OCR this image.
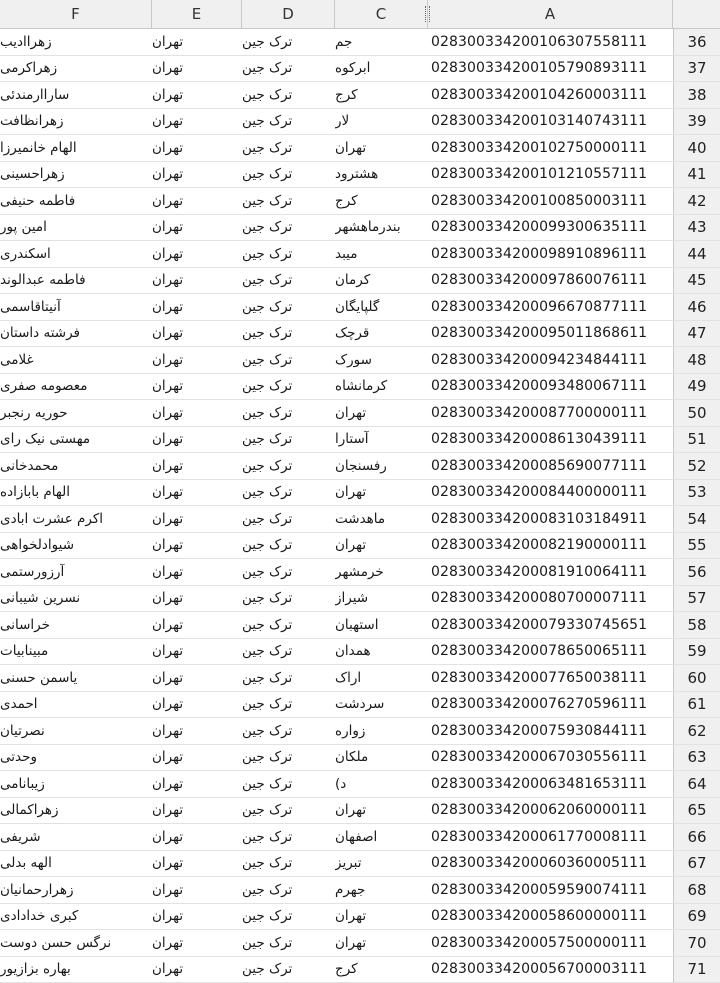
F	E	D	C	A
زهراادیب	تهران	ترک جین	جم	028300334200106307558111	36
زهراکرمی	تهران	ترک جین	ابرکوه	028300334200105790893111	37
ساراارمندئی	تهران	ترک جین	کرج	028300334200104260003111	38
زهرانظافت	تهران	ترک جین	لار	028300334200103140743111	39
الهام خانمیرزا	تهران	ترک جین	تهران	028300334200102750000111	40
زهراحسینی	تهران	ترک جین	هشترود	028300334200101210557111	41
فاطمه حنیفی	تهران	ترک جین	کرج	028300334200100850003111	42
امین پور	تهران	ترک جین	بندرماهشهر	028300334200099300635111	43
اسکندری	تهران	ترک جین	میبد	028300334200098910896111	44
فاطمه عبدالوند	تهران	ترک جین	کرمان	028300334200097860076111	45
آنیتاقاسمی	تهران	ترک جین	گلپایگان	028300334200096670877111	46
فرشته داستان	تهران	ترک جین	قرچک	028300334200095011868611	47
غلامی	تهران	ترک جین	سورک	028300334200094234844111	48
معصومه صفری	تهران	ترک جین	کرمانشاه	028300334200093480067111	49
حوریه رنجبر	تهران	ترک جین	تهران	028300334200087700000111	50
مهستی نیک رای	تهران	ترک جین	آستارا	028300334200086130439111	51
محمدخانی	تهران	ترک جین	رفسنجان	028300334200085690077111	52
الهام بابازاده	تهران	ترک جین	تهران	028300334200084400000111	53
اکرم عشرت ابادی	تهران	ترک جین	ماهدشت	028300334200083103184911	54
شیوادلخواهی	تهران	ترک جین	تهران	028300334200082190000111	55
آرزورستمی	تهران	ترک جین	خرمشهر	028300334200081910064111	56
نسرین شیبانی	تهران	ترک جین	شیراز	028300334200080700007111	57
خراسانی	تهران	ترک جین	استهبان	028300334200079330745651	58
مبینابیات	تهران	ترک جین	همدان	028300334200078650065111	59
یاسمن حسنی	تهران	ترک جین	اراک	028300334200077650038111	60
احمدی	تهران	ترک جین	سردشت	028300334200076270596111	61
نصرتیان	تهران	ترک جین	زواره	028300334200075930844111	62
وحدتی	تهران	ترک جین	ملکان	028300334200067030556111	63
زیبانامی	تهران	ترک جین	د)	028300334200063481653111	64
زهراکمالی	تهران	ترک جین	تهران	028300334200062060000111	65
شریفی	تهران	ترک جین	اصفهان	028300334200061770008111	66
الهه بدلی	تهران	ترک جین	تبریز	028300334200060360005111	67
زهرارحمانیان	تهران	ترک جین	جهرم	028300334200059590074111	68
کبری خدادادی	تهران	ترک جین	تهران	028300334200058600000111	69
نرگس حسن دوست	تهران	ترک جین	تهران	028300334200057500000111	70
بهاره بزازیور	تهران	ترک جین	کرج	028300334200056700003111	71
